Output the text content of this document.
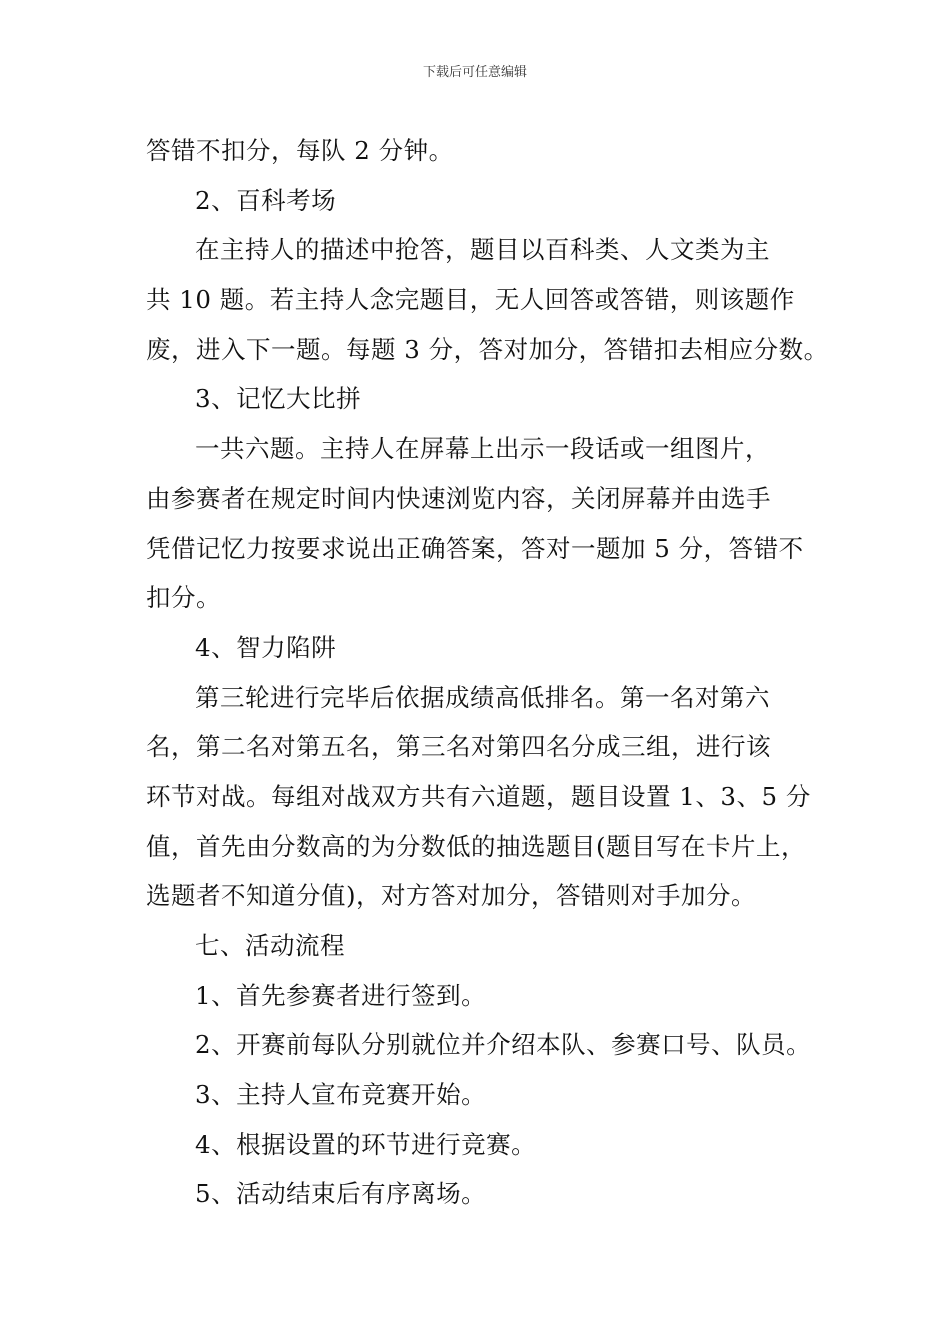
下载后可任意编辑
答错不扣分，每队 2 分钟。
2、百科考场
在主持人的描述中抢答，题目以百科类、人文类为主
共 10 题。若主持人念完题目，无人回答或答错，则该题作
废，进入下一题。每题 3 分，答对加分，答错扣去相应分数。
3、记忆大比拼
一共六题。主持人在屏幕上出示一段话或一组图片，
由参赛者在规定时间内快速浏览内容，关闭屏幕并由选手
凭借记忆力按要求说出正确答案，答对一题加 5 分，答错不
扣分。
4、智力陷阱
第三轮进行完毕后依据成绩高低排名。第一名对第六
名，第二名对第五名，第三名对第四名分成三组，进行该
环节对战。每组对战双方共有六道题，题目设置 1、3、5 分
值，首先由分数高的为分数低的抽选题目(题目写在卡片上，
选题者不知道分值)，对方答对加分，答错则对手加分。
七、活动流程
1、首先参赛者进行签到。
2、开赛前每队分别就位并介绍本队、参赛口号、队员。
3、主持人宣布竞赛开始。
4、根据设置的环节进行竞赛。
5、活动结束后有序离场。
